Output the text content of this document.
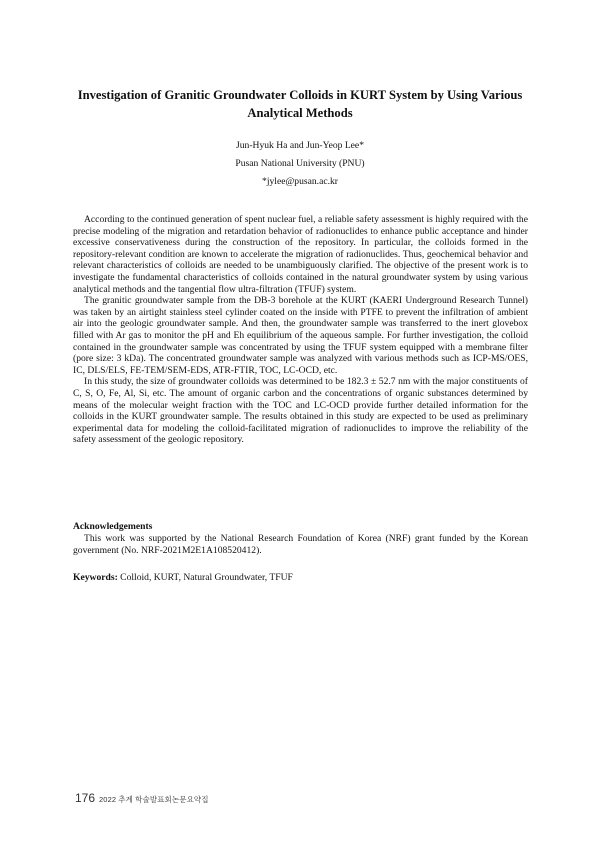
Investigation of Granitic Groundwater Colloids in KURT System by Using Various Analytical Methods
Jun-Hyuk Ha and Jun-Yeop Lee*
Pusan National University (PNU)
*jylee@pusan.ac.kr

According to the continued generation of spent nuclear fuel, a reliable safety assessment is highly required with the precise modeling of the migration and retardation behavior of radionuclides to enhance public acceptance and hinder excessive conservativeness during the construction of the repository. In particular, the colloids formed in the repository-relevant condition are known to accelerate the migration of radionuclides. Thus, geochemical behavior and relevant characteristics of colloids are needed to be unambiguously clarified. The objective of the present work is to investigate the fundamental characteristics of colloids contained in the natural groundwater system by using various analytical methods and the tangential flow ultra-filtration (TFUF) system.

The granitic groundwater sample from the DB-3 borehole at the KURT (KAERI Underground Research Tunnel) was taken by an airtight stainless steel cylinder coated on the inside with PTFE to prevent the infiltration of ambient air into the geologic groundwater sample. And then, the groundwater sample was transferred to the inert glovebox filled with Ar gas to monitor the pH and Eh equilibrium of the aqueous sample. For further investigation, the colloid contained in the groundwater sample was concentrated by using the TFUF system equipped with a membrane filter (pore size: 3 kDa). The concentrated groundwater sample was analyzed with various methods such as ICP-MS/OES, IC, DLS/ELS, FE-TEM/SEM-EDS, ATR-FTIR, TOC, LC-OCD, etc.

In this study, the size of groundwater colloids was determined to be 182.3 ± 52.7 nm with the major constituents of C, S, O, Fe, Al, Si, etc. The amount of organic carbon and the concentrations of organic substances determined by means of the molecular weight fraction with the TOC and LC-OCD provide further detailed information for the colloids in the KURT groundwater sample. The results obtained in this study are expected to be used as preliminary experimental data for modeling the colloid-facilitated migration of radionuclides to improve the reliability of the safety assessment of the geologic repository.

Acknowledgements

This work was supported by the National Research Foundation of Korea (NRF) grant funded by the Korean government (No. NRF-2021M2E1A108520412).

Keywords: Colloid, KURT, Natural Groundwater, TFUF
176 2022 추계 학술발표회논문요약집
